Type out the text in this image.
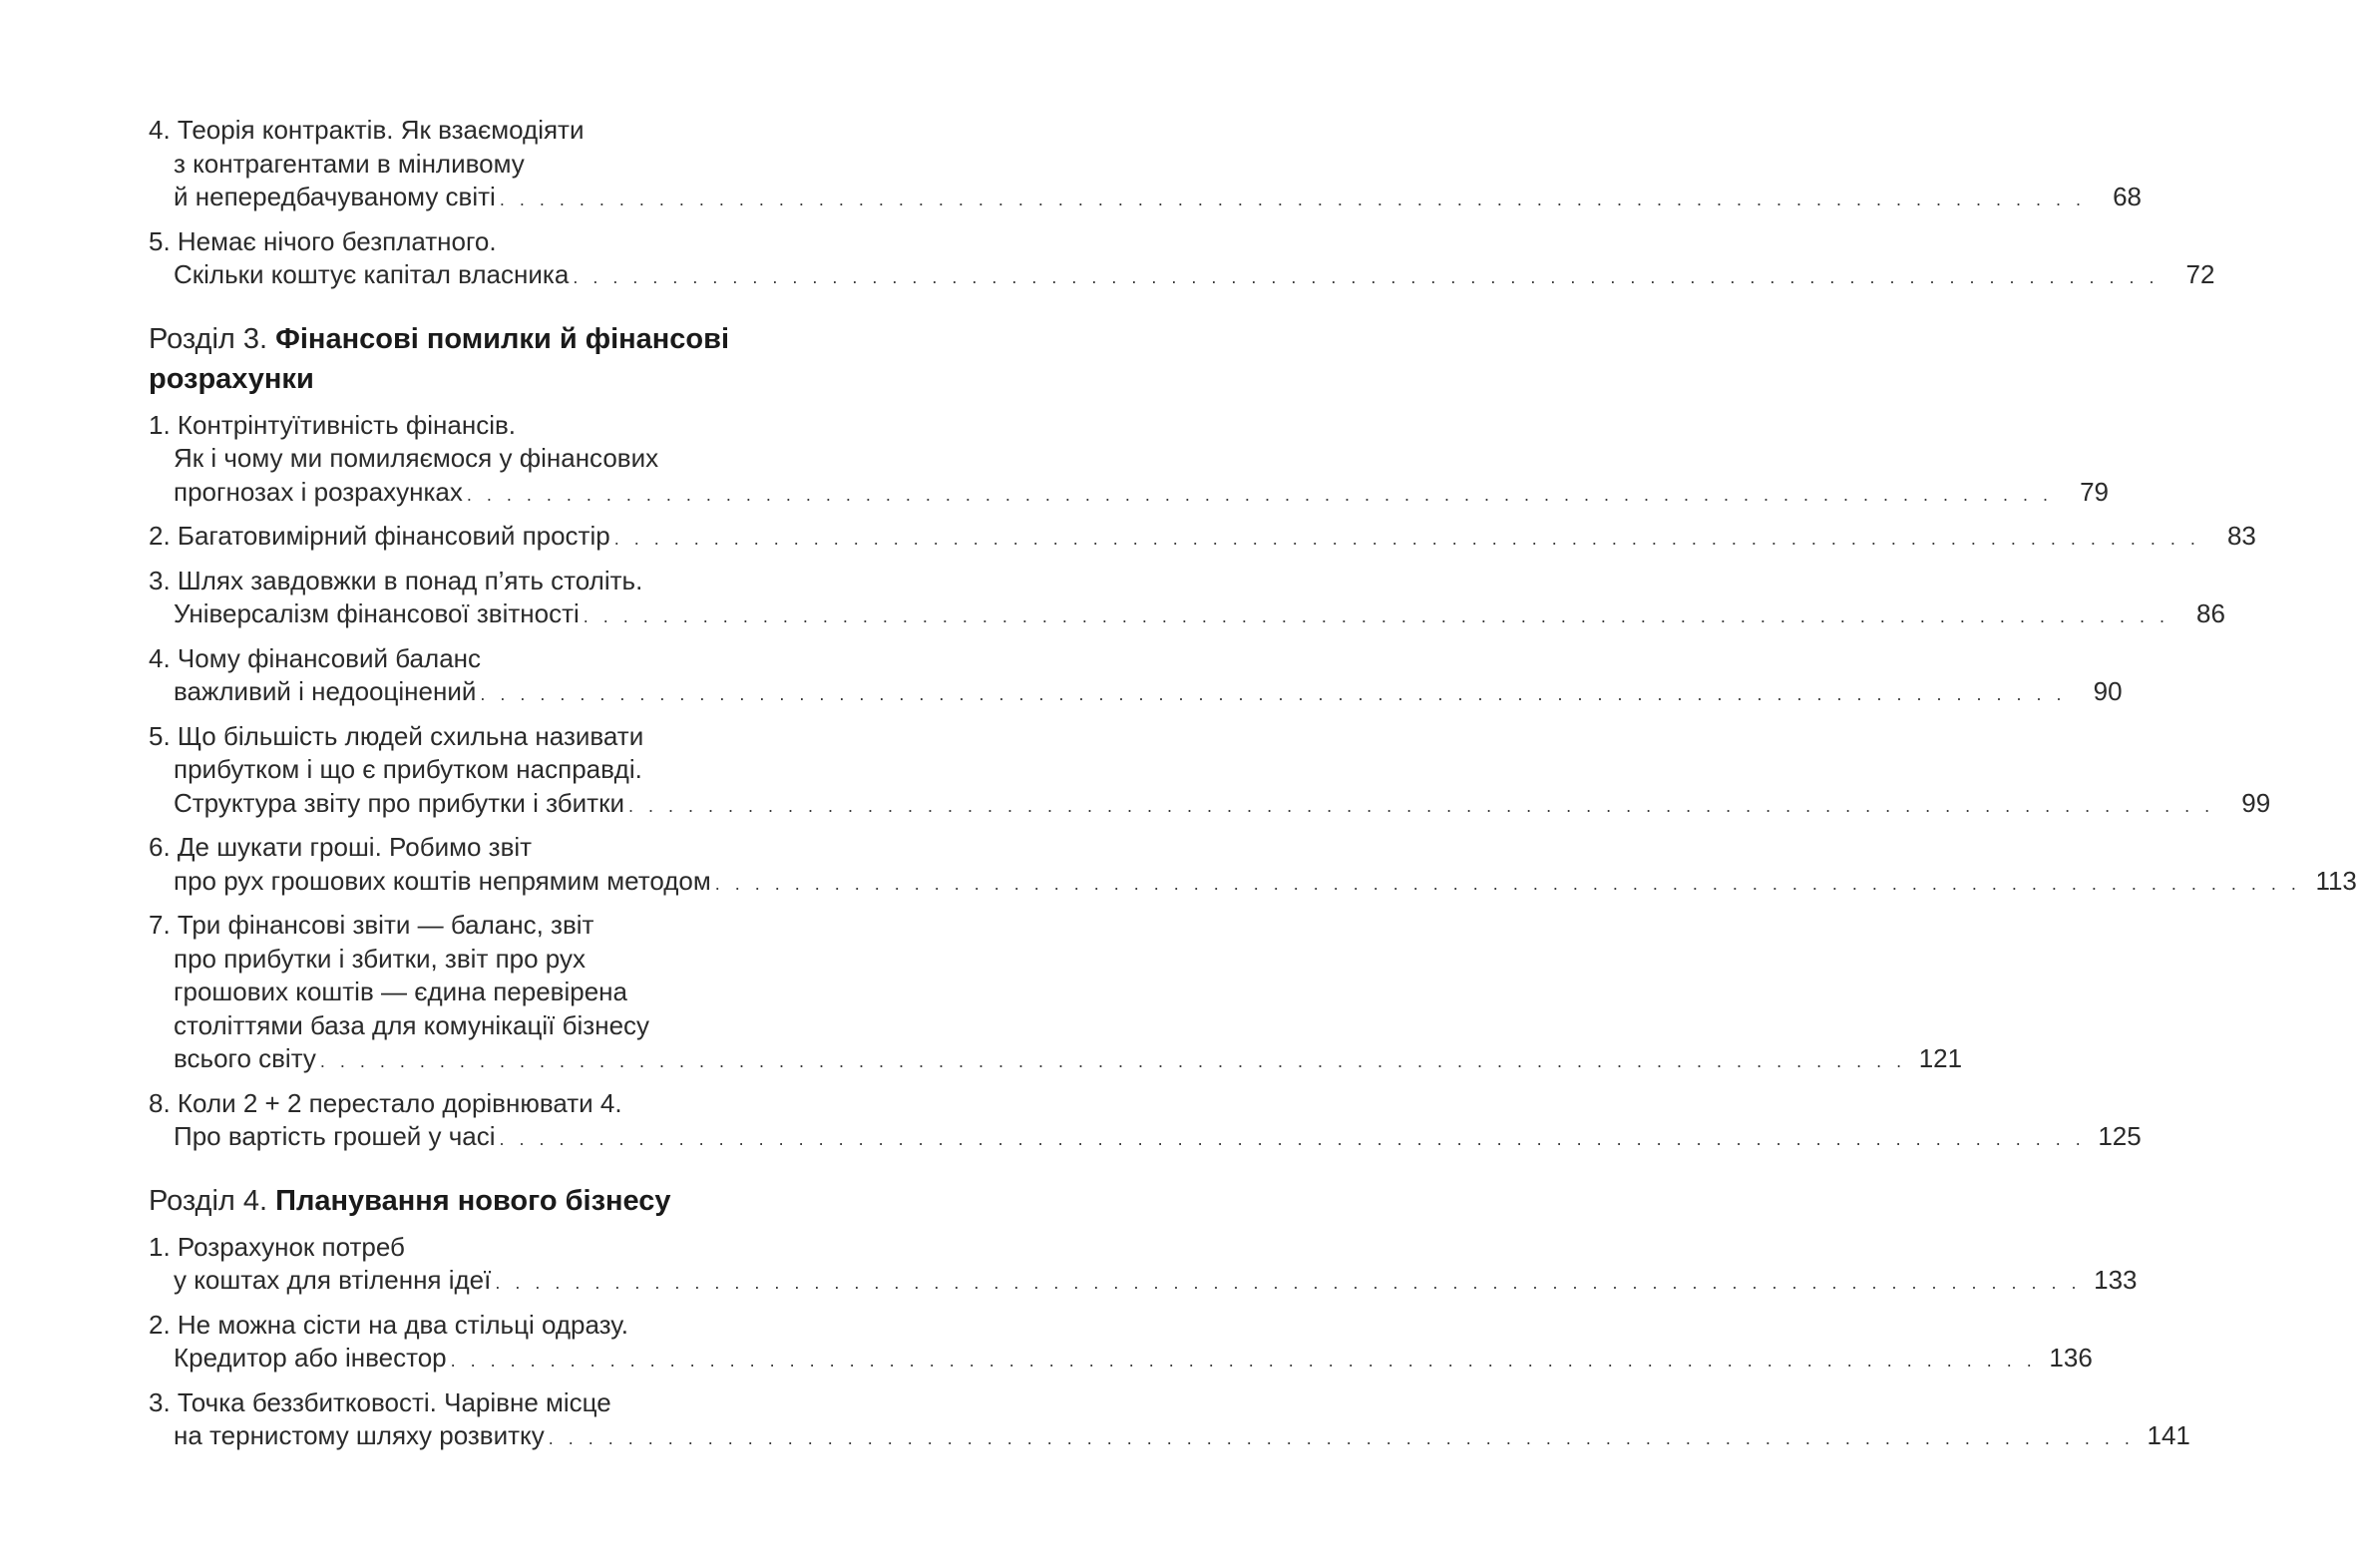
4. Теорія контрактів. Як взаємодіяти
з контрагентами в мінливому
й непередбачуваному світі . . . . . . . . . . . . . . . . . . . . . . . . . . . . . . . . . . . . . . . . . . . . . . . . . . . . . . . . . . . . . . . . . . . . . . . . . . . . . . . .	68
5. Немає нічого безплатного.
Скільки коштує капітал власника . . . . . . . . . . . . . . . . . . . . . . . . . . . . . . . . . . . . . . . . . . . . . . . . . . . . . . . . . . . . . . . . . . . . . . . . . . . . . . . .	72
Розділ 3. Фінансові помилки й фінансові
розрахунки
1. Контрінтуїтивність фінансів.
Як і чому ми помиляємося у фінансових
прогнозах і розрахунках . . . . . . . . . . . . . . . . . . . . . . . . . . . . . . . . . . . . . . . . . . . . . . . . . . . . . . . . . . . . . . . . . . . . . . . . . . . . . . . .	79
2. Багатовимірний фінансовий простір . . . . . . . . . . . . . . . . . . . . . . . . . . . . . . . . . . . . . . . . . . . . . . . . . . . . . . . . . . . . . . . . . . . . . . . . . . . . . . . .	83
3. Шлях завдовжки в понад п’ять століть.
Універсалізм фінансової звітності . . . . . . . . . . . . . . . . . . . . . . . . . . . . . . . . . . . . . . . . . . . . . . . . . . . . . . . . . . . . . . . . . . . . . . . . . . . . . . . .	86
4. Чому фінансовий баланс
важливий і недооцінений . . . . . . . . . . . . . . . . . . . . . . . . . . . . . . . . . . . . . . . . . . . . . . . . . . . . . . . . . . . . . . . . . . . . . . . . . . . . . . . .	90
5. Що більшість людей схильна називати
прибутком і що є прибутком насправді.
Структура звіту про прибутки і збитки . . . . . . . . . . . . . . . . . . . . . . . . . . . . . . . . . . . . . . . . . . . . . . . . . . . . . . . . . . . . . . . . . . . . . . . . . . . . . . . .	99
6. Де шукати гроші. Робимо звіт
про рух грошових коштів непрямим методом . . . . . . . . . . . . . . . . . . . . . . . . . . . . . . . . . . . . . . . . . . . . . . . . . . . . . . . . . . . . . . . . . . . . . . . . . . . . . . . . 113
7. Три фінансові звіти — баланс, звіт
про прибутки і збитки, звіт про рух
грошових коштів — єдина перевірена
століттями база для комунікації бізнесу
всього світу . . . . . . . . . . . . . . . . . . . . . . . . . . . . . . . . . . . . . . . . . . . . . . . . . . . . . . . . . . . . . . . . . . . . . . . . . . . . . . . . 121
8. Коли 2 + 2 перестало дорівнювати 4.
Про вартість грошей у часі . . . . . . . . . . . . . . . . . . . . . . . . . . . . . . . . . . . . . . . . . . . . . . . . . . . . . . . . . . . . . . . . . . . . . . . . . . . . . . . . 125
Розділ 4. Планування нового бізнесу
1. Розрахунок потреб
у коштах для втілення ідеї . . . . . . . . . . . . . . . . . . . . . . . . . . . . . . . . . . . . . . . . . . . . . . . . . . . . . . . . . . . . . . . . . . . . . . . . . . . . . . . . 133
2. Не можна сісти на два стільці одразу.
Кредитор або інвестор . . . . . . . . . . . . . . . . . . . . . . . . . . . . . . . . . . . . . . . . . . . . . . . . . . . . . . . . . . . . . . . . . . . . . . . . . . . . . . . . 136
3. Точка беззбитковості. Чарівне місце
на тернистому шляху розвитку . . . . . . . . . . . . . . . . . . . . . . . . . . . . . . . . . . . . . . . . . . . . . . . . . . . . . . . . . . . . . . . . . . . . . . . . . . . . . . . . 141
